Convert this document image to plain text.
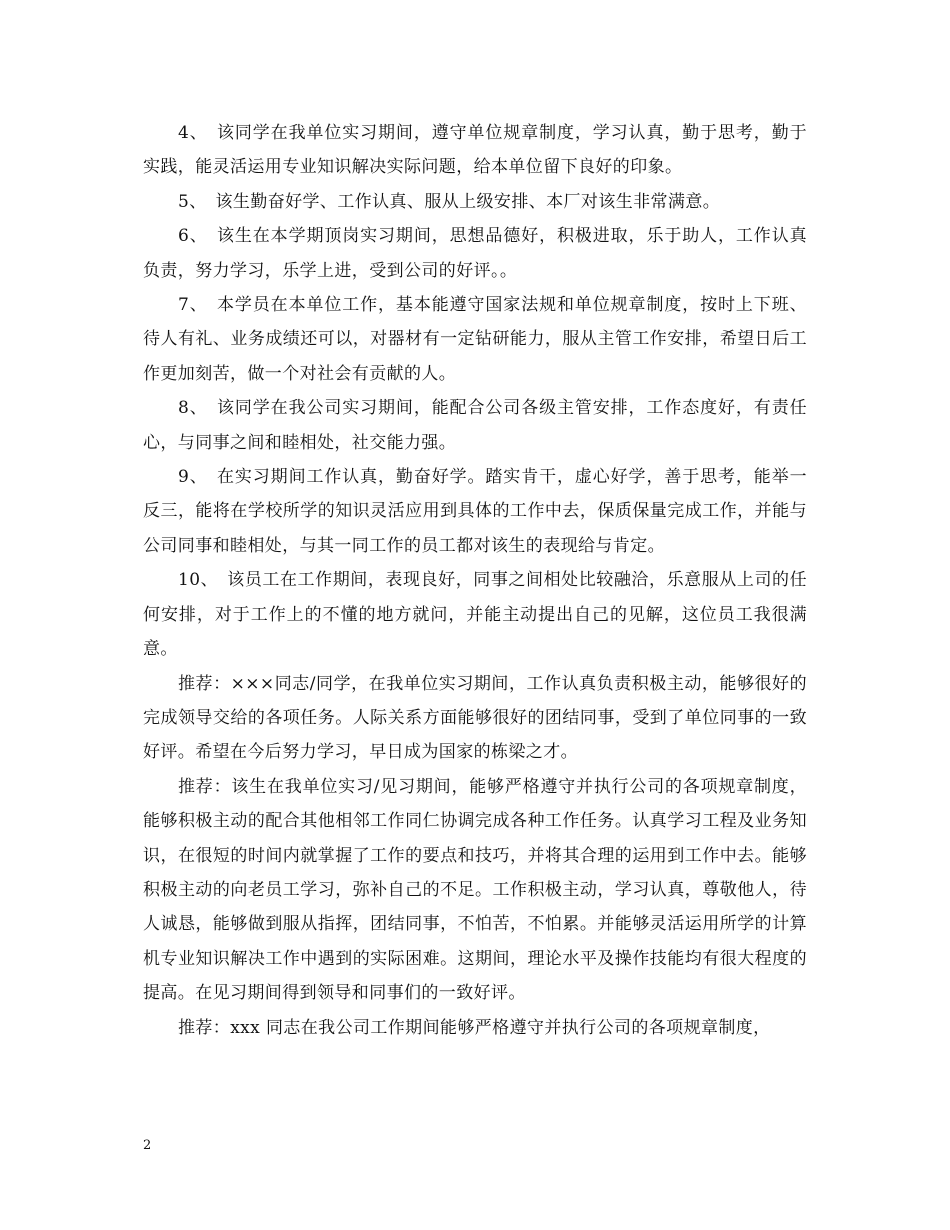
4、　该同学在我单位实习期间，遵守单位规章制度，学习认真，勤于思考，勤于实践，能灵活运用专业知识解决实际问题，给本单位留下良好的印象。

5、　该生勤奋好学、工作认真、服从上级安排、本厂对该生非常满意。

6、　该生在本学期顶岗实习期间，思想品德好，积极进取，乐于助人，工作认真负责，努力学习，乐学上进，受到公司的好评。。

7、　本学员在本单位工作，基本能遵守国家法规和单位规章制度，按时上下班、待人有礼、业务成绩还可以，对器材有一定钻研能力，服从主管工作安排，希望日后工作更加刻苦，做一个对社会有贡献的人。

8、　该同学在我公司实习期间，能配合公司各级主管安排，工作态度好，有责任心，与同事之间和睦相处，社交能力强。

9、　在实习期间工作认真，勤奋好学。踏实肯干，虚心好学，善于思考，能举一反三，能将在学校所学的知识灵活应用到具体的工作中去，保质保量完成工作，并能与公司同事和睦相处，与其一同工作的员工都对该生的表现给与肯定。

10、　该员工在工作期间，表现良好，同事之间相处比较融洽，乐意服从上司的任何安排，对于工作上的不懂的地方就问，并能主动提出自己的见解，这位员工我很满意。

推荐：×××同志/同学，在我单位实习期间，工作认真负责积极主动，能够很好的完成领导交给的各项任务。人际关系方面能够很好的团结同事，受到了单位同事的一致好评。希望在今后努力学习，早日成为国家的栋梁之才。

推荐：该生在我单位实习/见习期间，能够严格遵守并执行公司的各项规章制度，能够积极主动的配合其他相邻工作同仁协调完成各种工作任务。认真学习工程及业务知识，在很短的时间内就掌握了工作的要点和技巧，并将其合理的运用到工作中去。能够积极主动的向老员工学习，弥补自己的不足。工作积极主动，学习认真，尊敬他人，待人诚恳，能够做到服从指挥，团结同事，不怕苦，不怕累。并能够灵活运用所学的计算机专业知识解决工作中遇到的实际困难。这期间，理论水平及操作技能均有很大程度的提高。在见习期间得到领导和同事们的一致好评。

推荐：xxx 同志在我公司工作期间能够严格遵守并执行公司的各项规章制度，

2
